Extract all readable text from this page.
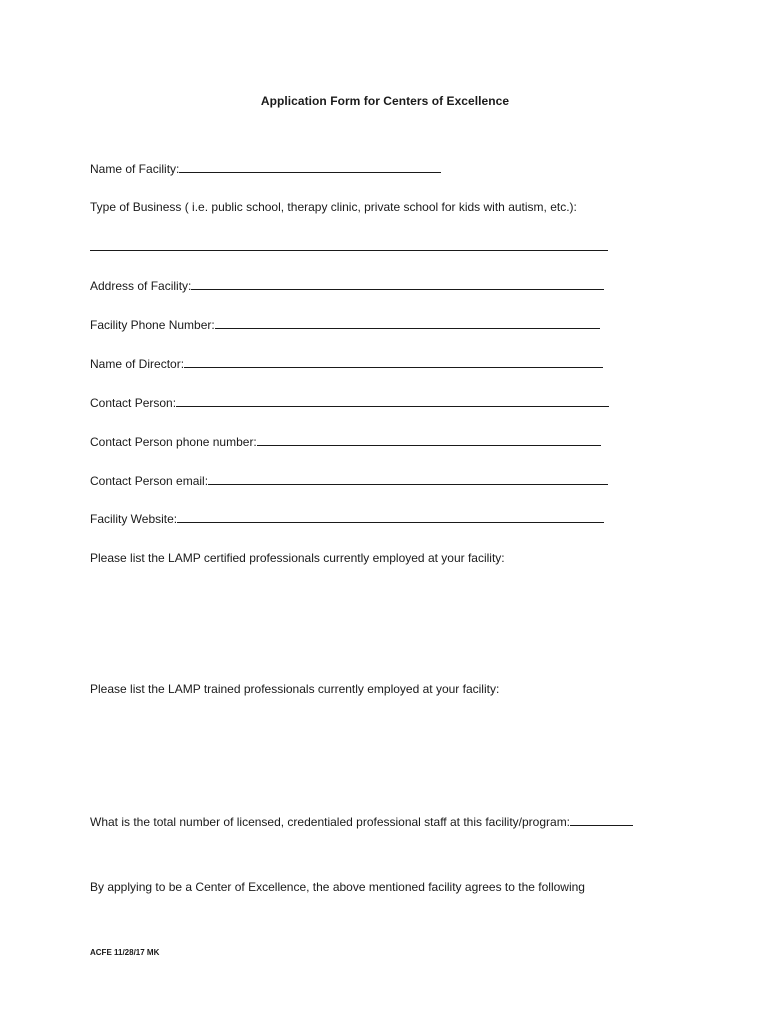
Application Form for Centers of Excellence
Name of Facility:
Type of Business ( i.e. public school, therapy clinic, private school for kids with autism, etc.):
Address of Facility:
Facility Phone Number:
Name of Director:
Contact Person:
Contact Person phone number:
Contact Person email:
Facility Website:
Please list the LAMP certified professionals currently employed at your facility:
Please list the LAMP trained professionals currently employed at your facility:
What is the total number of licensed, credentialed professional staff at this facility/program:
By applying to be a Center of Excellence, the above mentioned facility agrees to the following
ACFE 11/28/17 MK
